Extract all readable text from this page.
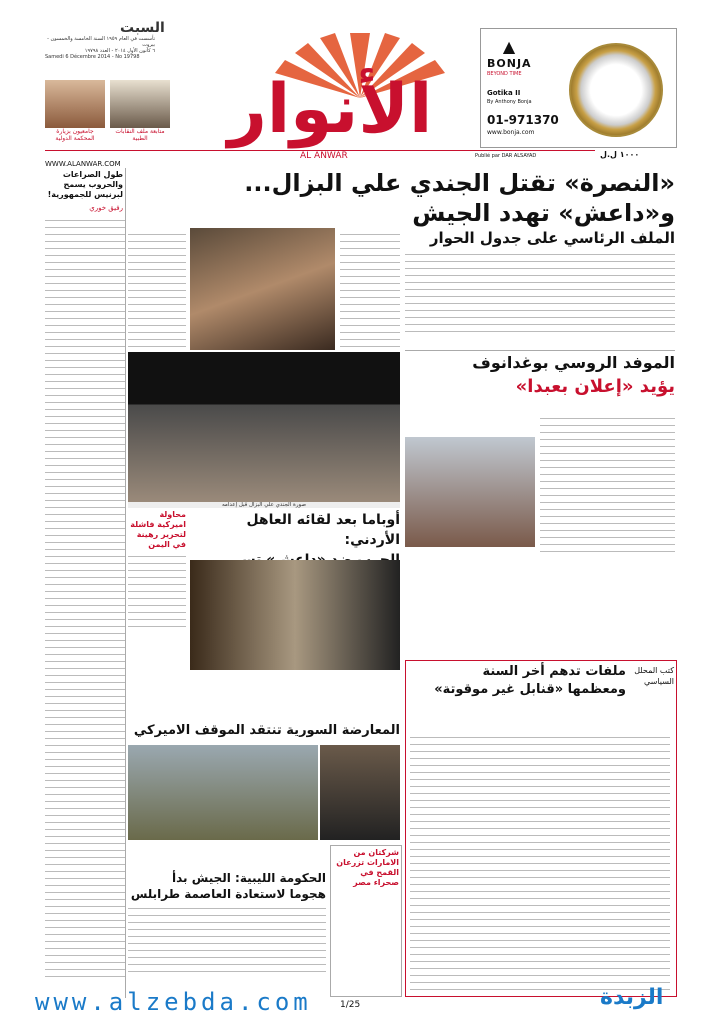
تأسست في العام ١٩٥٩ السنة الخامسة والخمسون - بيروت
٦ كانون الأول ٢٠١٤ - العدد ١٩٧٩٨
Samedi 6 Décembre 2014 - No 19798
السبت
جامعيون بزيارة المحكمة الدولية
متابعة ملف النقابات الطبية	الأنوار
▲
BONJA
BEYOND TIME
Gotika II
By Anthony Bonja
01-971370
www.bonja.com
١٠٠٠ ل.ل
WWW.ALANWAR.COM
AL ANWAR	Publié par DAR ALSAYAD
طول الصراعات والحروب يسمح لبرنيس للجمهورية!
رفيق خوري
«النصرة» تقتل الجندي علي البزال... و«داعش» تهدد الجيش
الملف الرئاسي على جدول الحوار
صورة الجندي علي البزال قبل إعدامه
الموفد الروسي بوغدانوف
يؤيد «إعلان بعبدا»
أوباما بعد لقائه العاهل الأردني:
محاولة اميركية فاشلة لتحرير رهينة في اليمن
ملفات تدهم أخر السنة
ومعظمها «قنابل غير موقوتة»
كتب المحلل السياسي
المعارضة السورية تنتقد الموقف الاميركي
شركتان من الامارات تزرعان القمح في صحراء مصر
الحكومة الليبية: الجيش بدأ
هجوما لاستعادة العاصمة طرابلس
www.alzebda.com	1/25	الزبدة
